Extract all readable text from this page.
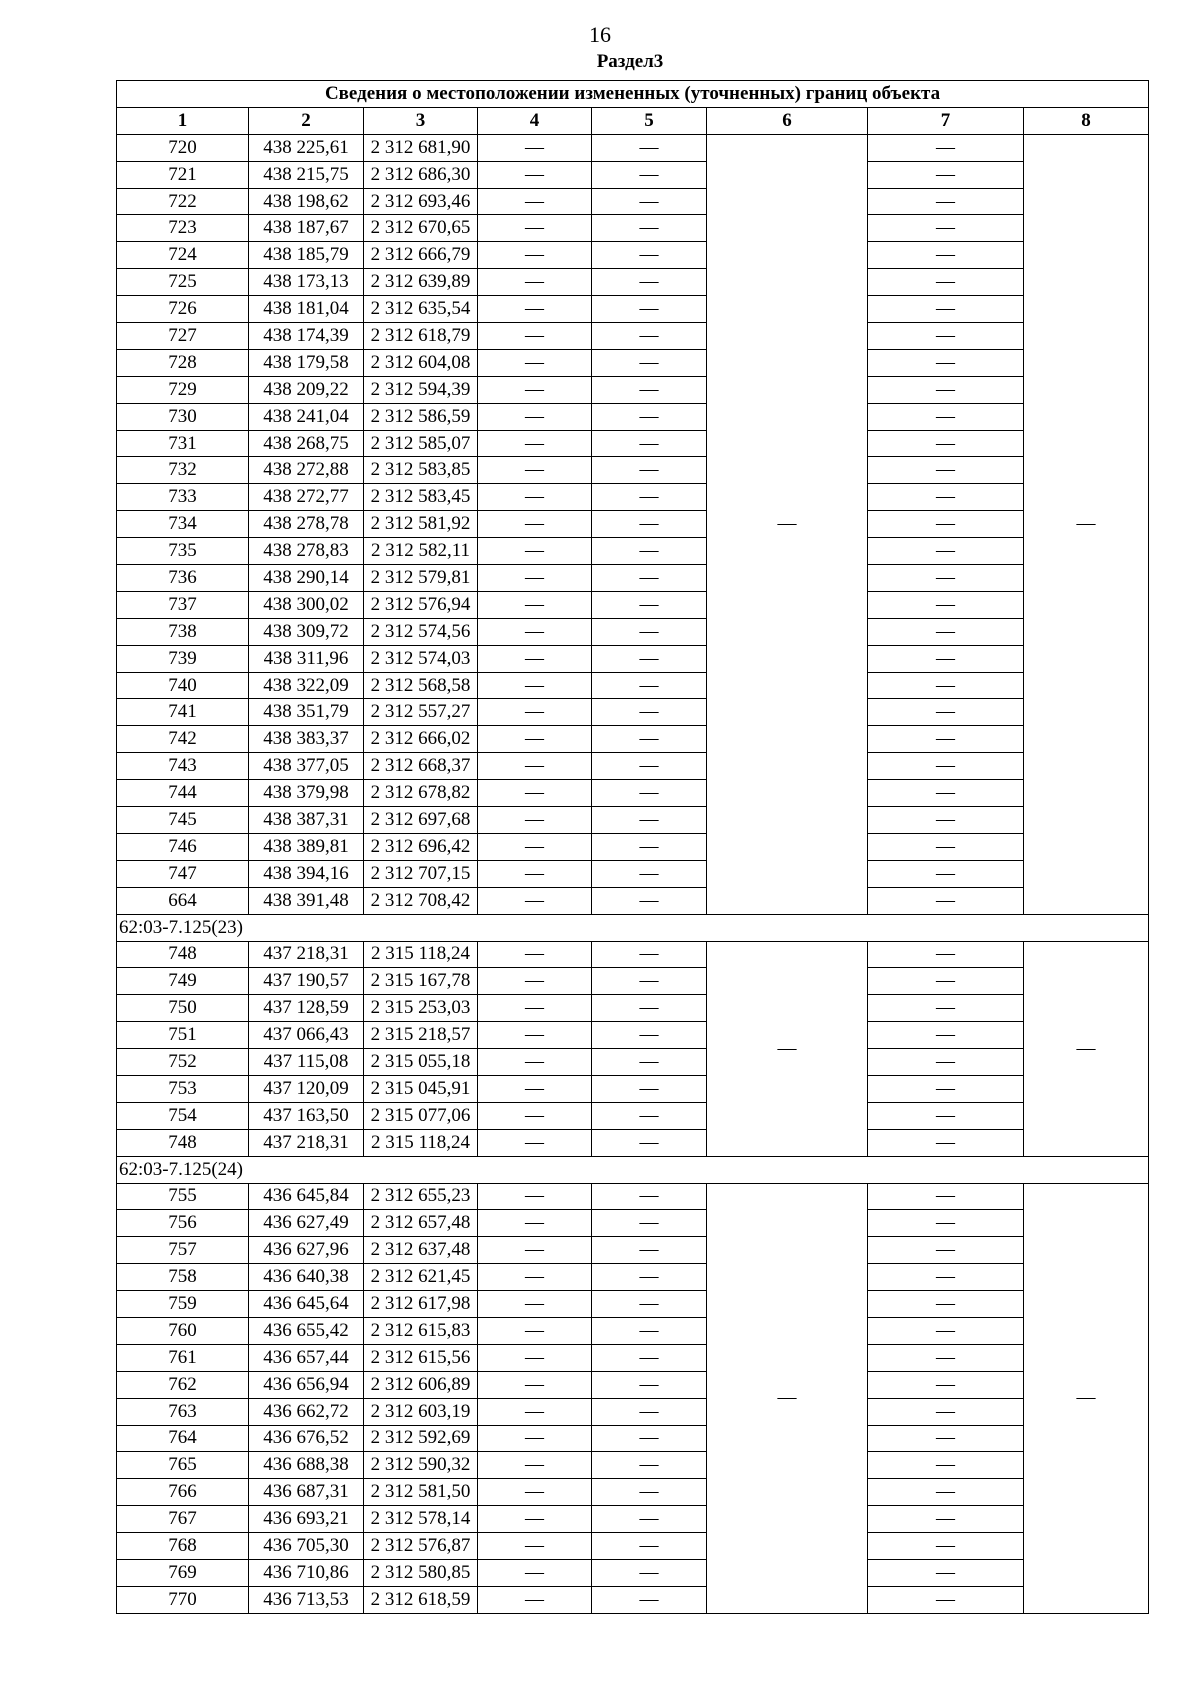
16
Раздел3
Сведения о местоположении измененных (уточненных) границ объекта							
1	2	3	4	5	6	7	8
720	438 225,61	2 312 681,90	—	—	—	—	—
721	438 215,75	2 312 686,30	—	—		—	
722	438 198,62	2 312 693,46	—	—		—	
723	438 187,67	2 312 670,65	—	—		—	
724	438 185,79	2 312 666,79	—	—		—	
725	438 173,13	2 312 639,89	—	—		—	
726	438 181,04	2 312 635,54	—	—		—	
727	438 174,39	2 312 618,79	—	—		—	
728	438 179,58	2 312 604,08	—	—		—	
729	438 209,22	2 312 594,39	—	—		—	
730	438 241,04	2 312 586,59	—	—		—	
731	438 268,75	2 312 585,07	—	—		—	
732	438 272,88	2 312 583,85	—	—		—	
733	438 272,77	2 312 583,45	—	—		—	
734	438 278,78	2 312 581,92	—	—		—	
735	438 278,83	2 312 582,11	—	—		—	
736	438 290,14	2 312 579,81	—	—		—	
737	438 300,02	2 312 576,94	—	—		—	
738	438 309,72	2 312 574,56	—	—		—	
739	438 311,96	2 312 574,03	—	—		—	
740	438 322,09	2 312 568,58	—	—		—	
741	438 351,79	2 312 557,27	—	—		—	
742	438 383,37	2 312 666,02	—	—		—	
743	438 377,05	2 312 668,37	—	—		—	
744	438 379,98	2 312 678,82	—	—		—	
745	438 387,31	2 312 697,68	—	—		—	
746	438 389,81	2 312 696,42	—	—		—	
747	438 394,16	2 312 707,15	—	—		—	
664	438 391,48	2 312 708,42	—	—		—	
62:03-7.125(23)							
748	437 218,31	2 315 118,24	—	—	—	—	—
749	437 190,57	2 315 167,78	—	—		—	
750	437 128,59	2 315 253,03	—	—		—	
751	437 066,43	2 315 218,57	—	—		—	
752	437 115,08	2 315 055,18	—	—		—	
753	437 120,09	2 315 045,91	—	—		—	
754	437 163,50	2 315 077,06	—	—		—	
748	437 218,31	2 315 118,24	—	—		—	
62:03-7.125(24)							
755	436 645,84	2 312 655,23	—	—	—	—	—
756	436 627,49	2 312 657,48	—	—		—	
757	436 627,96	2 312 637,48	—	—		—	
758	436 640,38	2 312 621,45	—	—		—	
759	436 645,64	2 312 617,98	—	—		—	
760	436 655,42	2 312 615,83	—	—		—	
761	436 657,44	2 312 615,56	—	—		—	
762	436 656,94	2 312 606,89	—	—		—	
763	436 662,72	2 312 603,19	—	—		—	
764	436 676,52	2 312 592,69	—	—		—	
765	436 688,38	2 312 590,32	—	—		—	
766	436 687,31	2 312 581,50	—	—		—	
767	436 693,21	2 312 578,14	—	—		—	
768	436 705,30	2 312 576,87	—	—		—	
769	436 710,86	2 312 580,85	—	—		—	
770	436 713,53	2 312 618,59	—	—		—	
